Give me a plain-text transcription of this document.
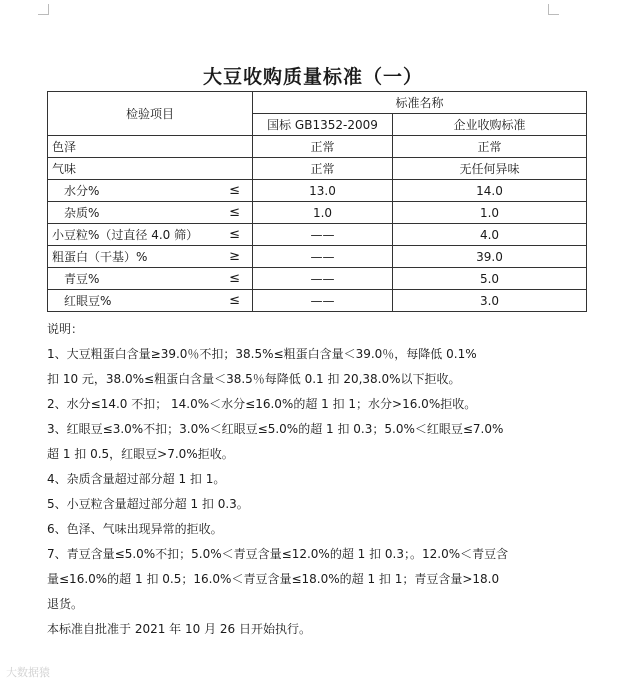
大豆收购质量标准（一）
检验项目	标准名称	
	国标 GB1352-2009	企业收购标准

色泽	正常	正常

气味	正常	无任何异味

水分% ≤	13.0	14.0

杂质% ≤	1.0	1.0

小豆粒%（过直径 4.0 筛） ≤	——	4.0

粗蛋白（干基）% ≥	——	39.0

青豆% ≤	——	5.0

红眼豆% ≤	——	3.0

说明：

1、大豆粗蛋白含量≥39.0％不扣；38.5%≤粗蛋白含量＜39.0％，每降低 0.1%

扣 10 元，38.0%≤粗蛋白含量＜38.5％每降低 0.1 扣 20,38.0%以下拒收。

2、水分≤14.0 不扣； 14.0%＜水分≤16.0%的超 1 扣 1；水分>16.0%拒收。

3、红眼豆≤3.0%不扣；3.0%＜红眼豆≤5.0%的超 1 扣 0.3；5.0%＜红眼豆≤7.0%

超 1 扣 0.5，红眼豆>7.0%拒收。

4、杂质含量超过部分超 1 扣 1。

5、小豆粒含量超过部分超 1 扣 0.3。

6、色泽、气味出现异常的拒收。

7、青豆含量≤5.0%不扣；5.0%＜青豆含量≤12.0%的超 1 扣 0.3；。12.0%＜青豆含

量≤16.0%的超 1 扣 0.5；16.0%＜青豆含量≤18.0%的超 1 扣 1；青豆含量>18.0

退货。

本标准自批准于 2021 年 10 月 26 日开始执行。

大数据猿
